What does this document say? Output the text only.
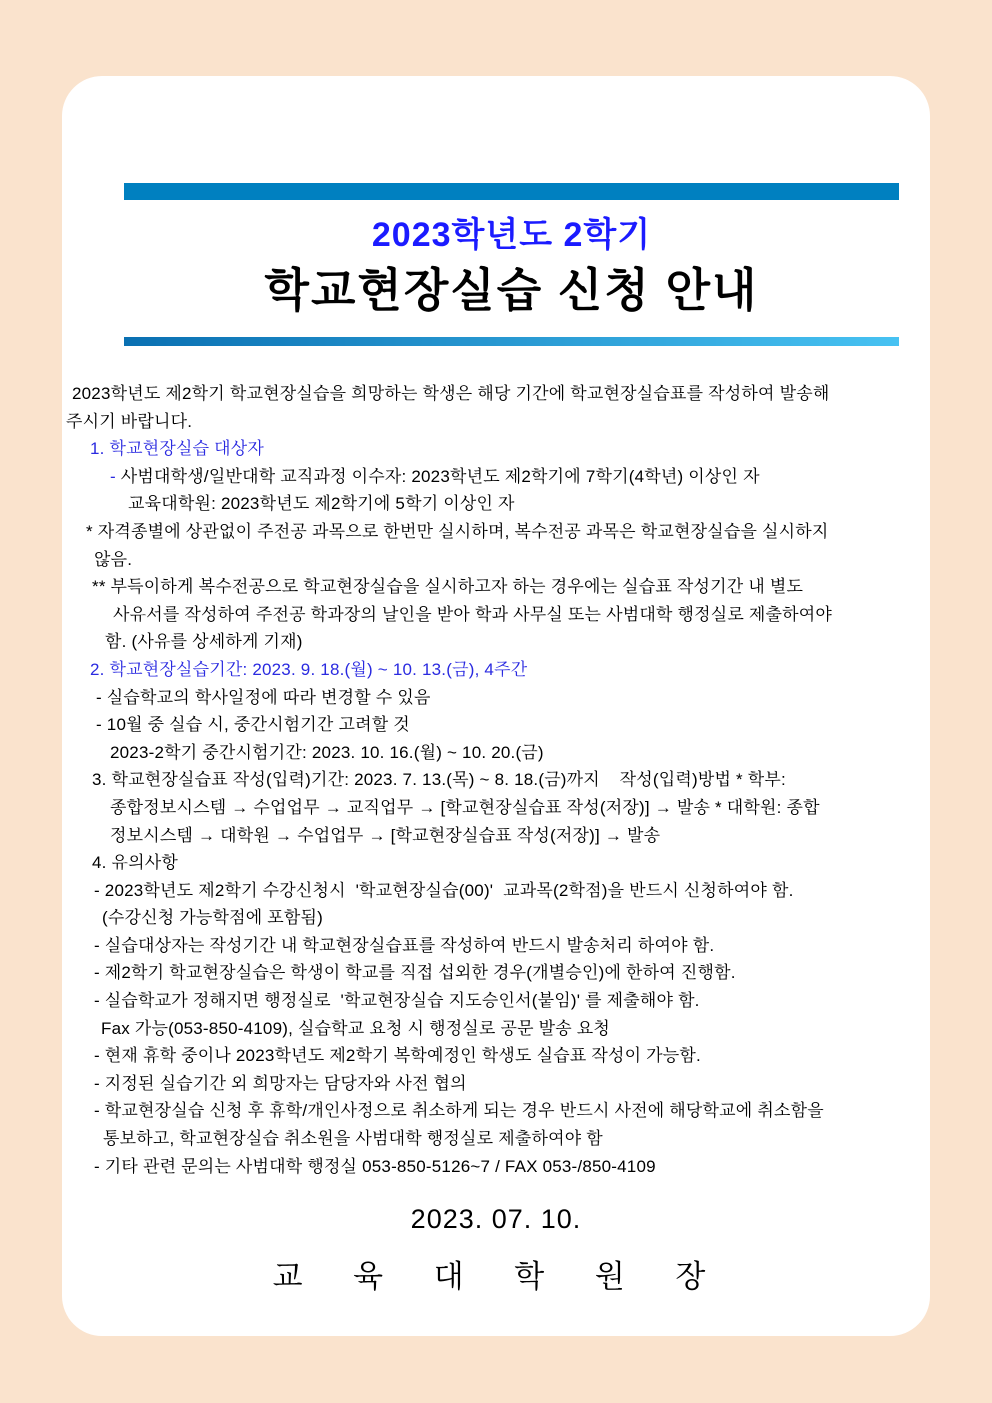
2023학년도 2학기
학교현장실습 신청 안내
2023학년도 제2학기 학교현장실습을 희망하는 학생은 해당 기간에 학교현장실습표를 작성하여 발송해
주시기 바랍니다.
1. 학교현장실습 대상자
- 사범대학생/일반대학 교직과정 이수자: 2023학년도 제2학기에 7학기(4학년) 이상인 자
교육대학원: 2023학년도 제2학기에 5학기 이상인 자
* 자격종별에 상관없이 주전공 과목으로 한번만 실시하며, 복수전공 과목은 학교현장실습을 실시하지
않음.
** 부득이하게 복수전공으로 학교현장실습을 실시하고자 하는 경우에는 실습표 작성기간 내 별도
사유서를 작성하여 주전공 학과장의 날인을 받아 학과 사무실 또는 사범대학 행정실로 제출하여야
함. (사유를 상세하게 기재)
2. 학교현장실습기간: 2023. 9. 18.(월) ~ 10. 13.(금), 4주간
- 실습학교의 학사일정에 따라 변경할 수 있음
- 10월 중 실습 시, 중간시험기간 고려할 것
2023-2학기 중간시험기간: 2023. 10. 16.(월) ~ 10. 20.(금)
3. 학교현장실습표 작성(입력)기간: 2023. 7. 13.(목) ~ 8. 18.(금)까지    작성(입력)방법 * 학부:
종합정보시스템 → 수업업무 → 교직업무 → [학교현장실습표 작성(저장)] → 발송 * 대학원: 종합
정보시스템 → 대학원 → 수업업무 → [학교현장실습표 작성(저장)] → 발송
4. 유의사항
- 2023학년도 제2학기 수강신청시  '학교현장실습(00)'  교과목(2학점)을 반드시 신청하여야 함.
(수강신청 가능학점에 포함됨)
- 실습대상자는 작성기간 내 학교현장실습표를 작성하여 반드시 발송처리 하여야 함.
- 제2학기 학교현장실습은 학생이 학교를 직접 섭외한 경우(개별승인)에 한하여 진행함.
- 실습학교가 정해지면 행정실로  '학교현장실습 지도승인서(붙임)' 를 제출해야 함.
Fax 가능(053-850-4109), 실습학교 요청 시 행정실로 공문 발송 요청
- 현재 휴학 중이나 2023학년도 제2학기 복학예정인 학생도 실습표 작성이 가능함.
- 지정된 실습기간 외 희망자는 담당자와 사전 협의
- 학교현장실습 신청 후 휴학/개인사정으로 취소하게 되는 경우 반드시 사전에 해당학교에 취소함을
통보하고, 학교현장실습 취소원을 사범대학 행정실로 제출하여야 함
- 기타 관련 문의는 사범대학 행정실 053-850-5126~7 / FAX 053-/850-4109
2023. 07. 10.
교 육 대 학 원 장
